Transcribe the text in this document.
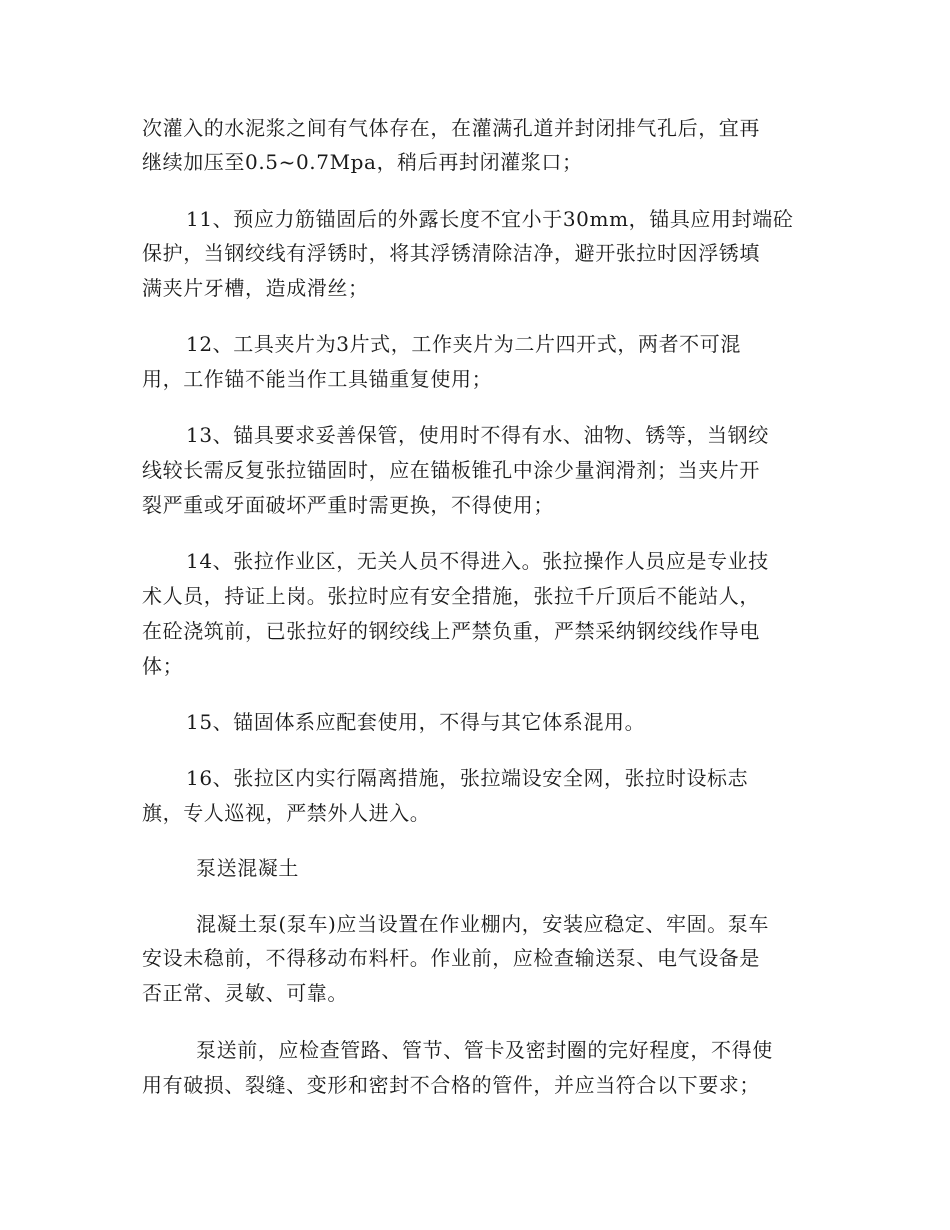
次灌入的水泥浆之间有气体存在，在灌满孔道并封闭排气孔后，宜再
继续加压至0.5~0.7Mpa，稍后再封闭灌浆口；
11、预应力筋锚固后的外露长度不宜小于30mm，锚具应用封端砼
保护，当钢绞线有浮锈时，将其浮锈清除洁净，避开张拉时因浮锈填
满夹片牙槽，造成滑丝；
12、工具夹片为3片式，工作夹片为二片四开式，两者不可混
用，工作锚不能当作工具锚重复使用；
13、锚具要求妥善保管，使用时不得有水、油物、锈等，当钢绞
线较长需反复张拉锚固时，应在锚板锥孔中涂少量润滑剂；当夹片开
裂严重或牙面破坏严重时需更换，不得使用；
14、张拉作业区，无关人员不得进入。张拉操作人员应是专业技
术人员，持证上岗。张拉时应有安全措施，张拉千斤顶后不能站人，
在砼浇筑前，已张拉好的钢绞线上严禁负重，严禁采纳钢绞线作导电
体；
15、锚固体系应配套使用，不得与其它体系混用。
16、张拉区内实行隔离措施，张拉端设安全网，张拉时设标志
旗，专人巡视，严禁外人进入。
泵送混凝土
混凝土泵(泵车)应当设置在作业棚内，安装应稳定、牢固。泵车
安设未稳前，不得移动布料杆。作业前，应检查输送泵、电气设备是
否正常、灵敏、可靠。
泵送前，应检查管路、管节、管卡及密封圈的完好程度，不得使
用有破损、裂缝、变形和密封不合格的管件，并应当符合以下要求；
